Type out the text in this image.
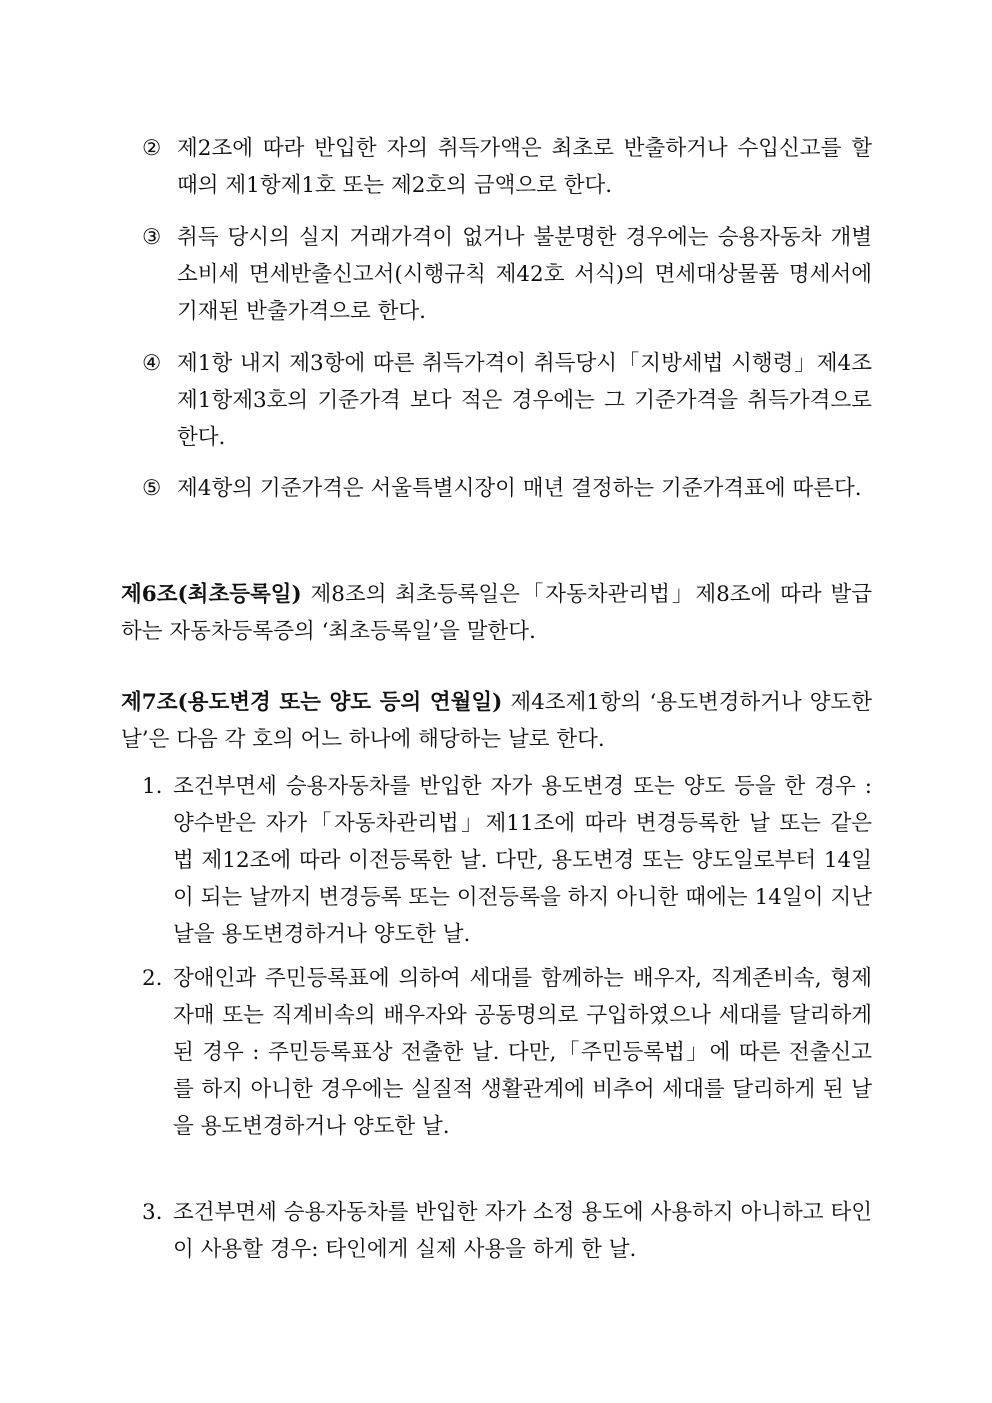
② 제2조에 따라 반입한 자의 취득가액은 최초로 반출하거나 수입신고를 할 때의 제1항제1호 또는 제2호의 금액으로 한다.
③ 취득 당시의 실지 거래가격이 없거나 불분명한 경우에는 승용자동차 개별소비세 면세반출신고서(시행규칙 제42호 서식)의 면세대상물품 명세서에 기재된 반출가격으로 한다.
④ 제1항 내지 제3항에 따른 취득가격이 취득당시「지방세법 시행령」제4조제1항제3호의 기준가격 보다 적은 경우에는 그 기준가격을 취득가격으로 한다.
⑤ 제4항의 기준가격은 서울특별시장이 매년 결정하는 기준가격표에 따른다.
제6조(최초등록일) 제8조의 최초등록일은「자동차관리법」제8조에 따라 발급하는 자동차등록증의 ‘최초등록일’을 말한다.
제7조(용도변경 또는 양도 등의 연월일) 제4조제1항의 ‘용도변경하거나 양도한 날’은 다음 각 호의 어느 하나에 해당하는 날로 한다.
1. 조건부면세 승용자동차를 반입한 자가 용도변경 또는 양도 등을 한 경우 : 양수받은 자가「자동차관리법」제11조에 따라 변경등록한 날 또는 같은 법 제12조에 따라 이전등록한 날. 다만, 용도변경 또는 양도일로부터 14일이 되는 날까지 변경등록 또는 이전등록을 하지 아니한 때에는 14일이 지난 날을 용도변경하거나 양도한 날.
2. 장애인과 주민등록표에 의하여 세대를 함께하는 배우자, 직계존비속, 형제자매 또는 직계비속의 배우자와 공동명의로 구입하였으나 세대를 달리하게 된 경우 : 주민등록표상 전출한 날. 다만,「주민등록법」에 따른 전출신고를 하지 아니한 경우에는 실질적 생활관계에 비추어 세대를 달리하게 된 날을 용도변경하거나 양도한 날.
3. 조건부면세 승용자동차를 반입한 자가 소정 용도에 사용하지 아니하고 타인이 사용할 경우: 타인에게 실제 사용을 하게 한 날.
